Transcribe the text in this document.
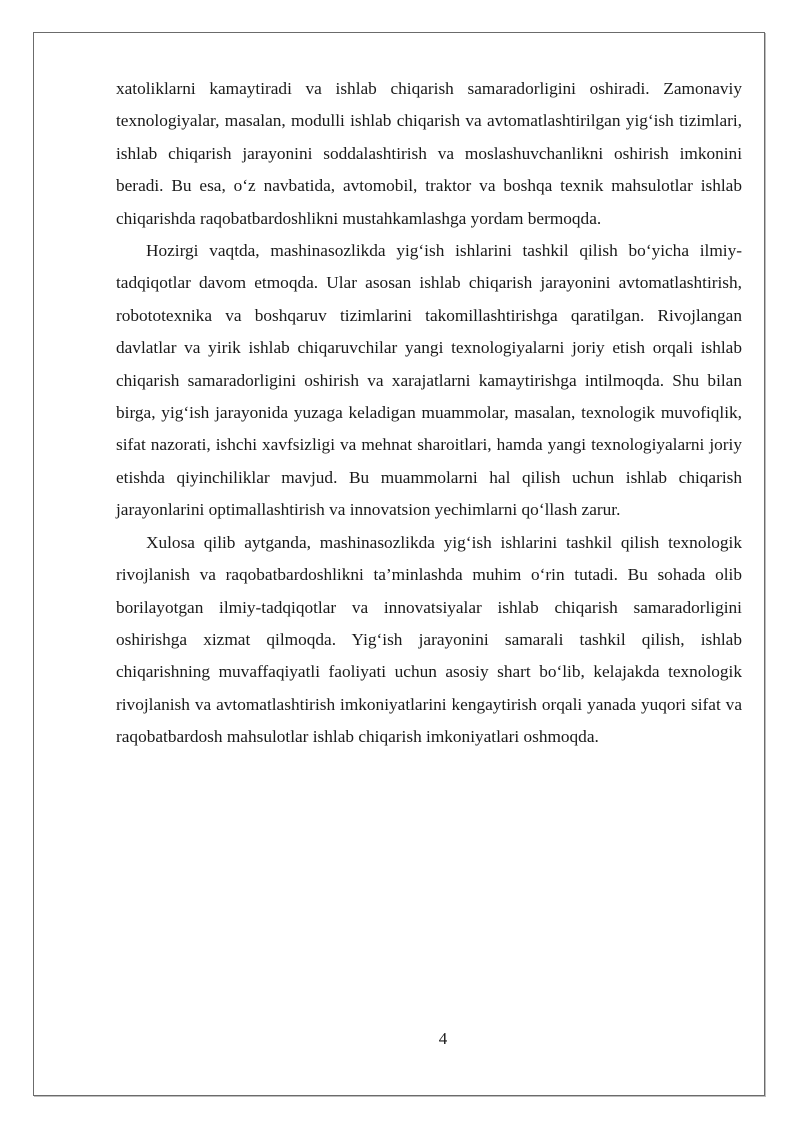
xatoliklarni kamaytiradi va ishlab chiqarish samaradorligini oshiradi. Zamonaviy texnologiyalar, masalan, modulli ishlab chiqarish va avtomatlashtirilgan yig‘ish tizimlari, ishlab chiqarish jarayonini soddalashtirish va moslashuvchanlikni oshirish imkonini beradi. Bu esa, o‘z navbatida, avtomobil, traktor va boshqa texnik mahsulotlar ishlab chiqarishda raqobatbardoshlikni mustahkamlashga yordam bermoqda.

Hozirgi vaqtda, mashinasozlikda yig‘ish ishlarini tashkil qilish bo‘yicha ilmiy-tadqiqotlar davom etmoqda. Ular asosan ishlab chiqarish jarayonini avtomatlashtirish, robototexnika va boshqaruv tizimlarini takomillashtirishga qaratilgan. Rivojlangan davlatlar va yirik ishlab chiqaruvchilar yangi texnologiyalarni joriy etish orqali ishlab chiqarish samaradorligini oshirish va xarajatlarni kamaytirishga intilmoqda. Shu bilan birga, yig‘ish jarayonida yuzaga keladigan muammolar, masalan, texnologik muvofiqlik, sifat nazorati, ishchi xavfsizligi va mehnat sharoitlari, hamda yangi texnologiyalarni joriy etishda qiyinchiliklar mavjud. Bu muammolarni hal qilish uchun ishlab chiqarish jarayonlarini optimallashtirish va innovatsion yechimlarni qo‘llash zarur.

Xulosa qilib aytganda, mashinasozlikda yig‘ish ishlarini tashkil qilish texnologik rivojlanish va raqobatbardoshlikni ta’minlashda muhim o‘rin tutadi. Bu sohada olib borilayotgan ilmiy-tadqiqotlar va innovatsiyalar ishlab chiqarish samaradorligini oshirishga xizmat qilmoqda. Yig‘ish jarayonini samarali tashkil qilish, ishlab chiqarishning muvaffaqiyatli faoliyati uchun asosiy shart bo‘lib, kelajakda texnologik rivojlanish va avtomatlashtirish imkoniyatlarini kengaytirish orqali yanada yuqori sifat va raqobatbardosh mahsulotlar ishlab chiqarish imkoniyatlari oshmoqda.

4
